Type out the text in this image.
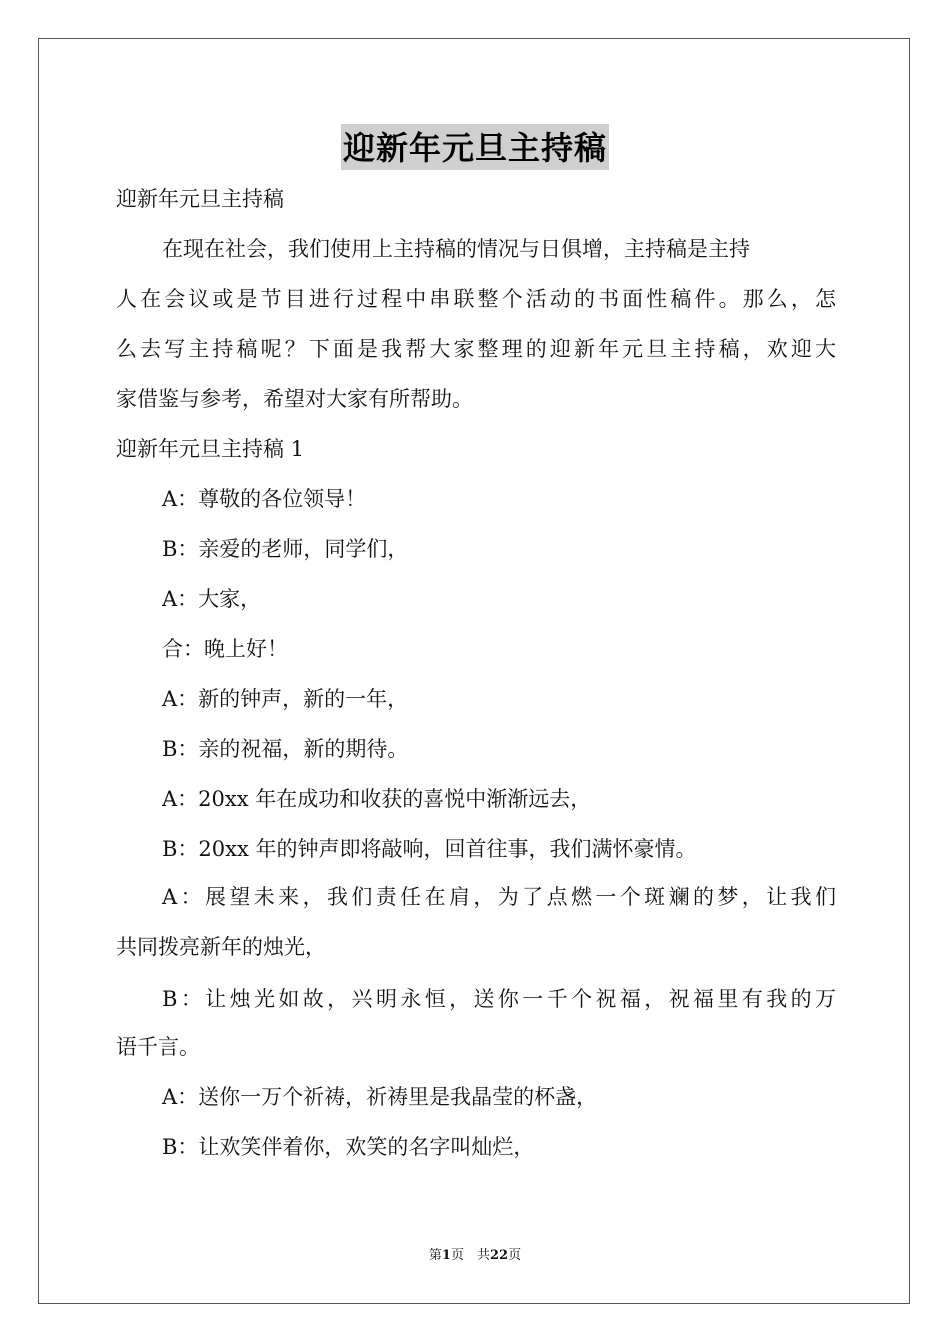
迎新年元旦主持稿

迎新年元旦主持稿

在现在社会，我们使用上主持稿的情况与日俱增，主持稿是主持

人在会议或是节目进行过程中串联整个活动的书面性稿件。那么，怎

么去写主持稿呢？下面是我帮大家整理的迎新年元旦主持稿，欢迎大

家借鉴与参考，希望对大家有所帮助。

迎新年元旦主持稿 1

A：尊敬的各位领导！

B：亲爱的老师，同学们，

A：大家，

合：晚上好！

A：新的钟声，新的一年，

B：亲的祝福，新的期待。

A：20xx 年在成功和收获的喜悦中渐渐远去，

B：20xx 年的钟声即将敲响，回首往事，我们满怀豪情。

A：展望未来，我们责任在肩，为了点燃一个斑斓的梦，让我们

共同拨亮新年的烛光，

B：让烛光如故，兴明永恒，送你一千个祝福，祝福里有我的万

语千言。

A：送你一万个祈祷，祈祷里是我晶莹的杯盏，

B：让欢笑伴着你，欢笑的名字叫灿烂，

第1页　共22页
